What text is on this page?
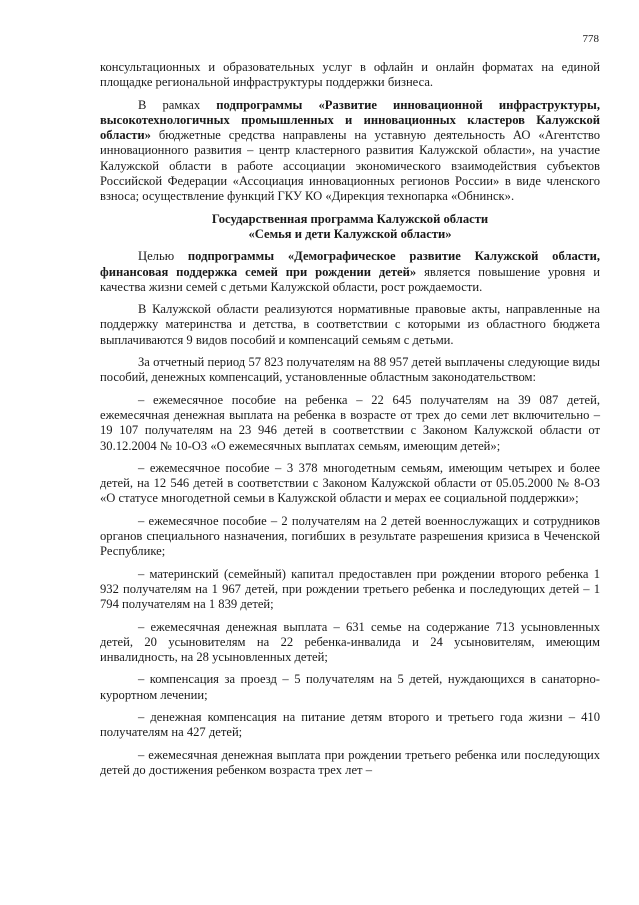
778

консультационных и образовательных услуг в офлайн и онлайн форматах на единой площадке региональной инфраструктуры поддержки бизнеса.

В рамках подпрограммы «Развитие инновационной инфраструктуры, высокотехнологичных промышленных и инновационных кластеров Калужской области» бюджетные средства направлены на уставную деятельность АО «Агентство инновационного развития – центр кластерного развития Калужской области», на участие Калужской области в работе ассоциации экономического взаимодействия субъектов Российской Федерации «Ассоциация инновационных регионов России» в виде членского взноса; осуществление функций ГКУ КО «Дирекция технопарка «Обнинск».

Государственная программа Калужской области
«Семья и дети Калужской области»

Целью подпрограммы «Демографическое развитие Калужской области, финансовая поддержка семей при рождении детей» является повышение уровня и качества жизни семей с детьми Калужской области, рост рождаемости.

В Калужской области реализуются нормативные правовые акты, направленные на поддержку материнства и детства, в соответствии с которыми из областного бюджета выплачиваются 9 видов пособий и компенсаций семьям с детьми.

За отчетный период 57 823 получателям на 88 957 детей выплачены следующие виды пособий, денежных компенсаций, установленные областным законодательством:

– ежемесячное пособие на ребенка – 22 645 получателям на 39 087 детей, ежемесячная денежная выплата на ребенка в возрасте от трех до семи лет включительно – 19 107 получателям на 23 946 детей в соответствии с Законом Калужской области от 30.12.2004 № 10-ОЗ «О ежемесячных выплатах семьям, имеющим детей»;

– ежемесячное пособие – 3 378 многодетным семьям, имеющим четырех и более детей, на 12 546 детей в соответствии с Законом Калужской области от 05.05.2000 № 8-ОЗ «О статусе многодетной семьи в Калужской области и мерах ее социальной поддержки»;

– ежемесячное пособие – 2 получателям на 2 детей военнослужащих и сотрудников органов специального назначения, погибших в результате разрешения кризиса в Чеченской Республике;

– материнский (семейный) капитал предоставлен при рождении второго ребенка 1 932 получателям на 1 967 детей, при рождении третьего ребенка и последующих детей – 1 794 получателям на 1 839 детей;

– ежемесячная денежная выплата – 631 семье на содержание 713 усыновленных детей, 20 усыновителям на 22 ребенка-инвалида и 24 усыновителям, имеющим инвалидность, на 28 усыновленных детей;

– компенсация за проезд – 5 получателям на 5 детей, нуждающихся в санаторно-курортном лечении;

– денежная компенсация на питание детям второго и третьего года жизни – 410 получателям на 427 детей;

– ежемесячная денежная выплата при рождении третьего ребенка или последующих детей до достижения ребенком возраста трех лет –
